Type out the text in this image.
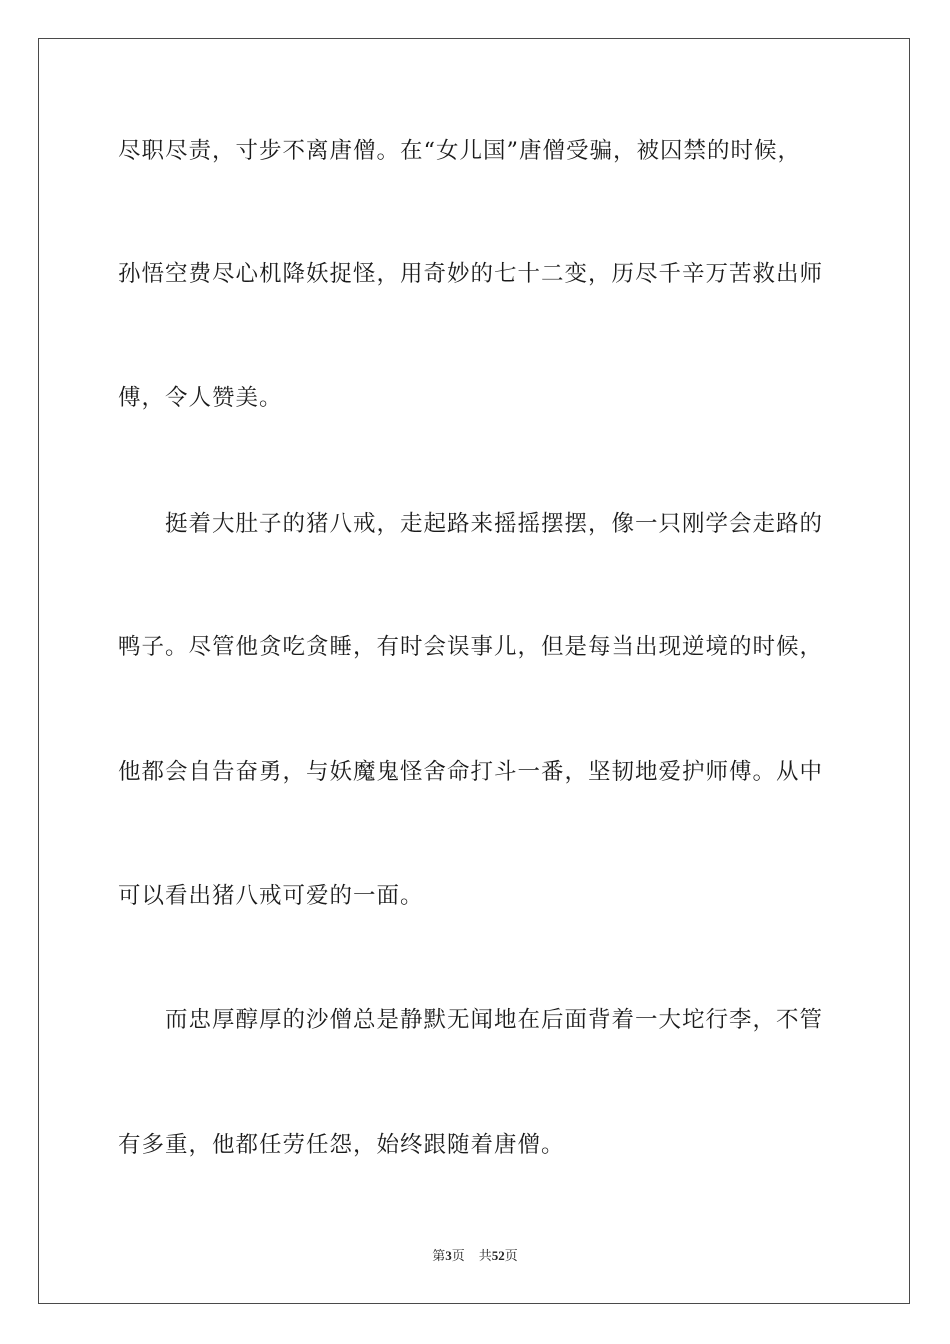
尽职尽责，寸步不离唐僧。在“女儿国”唐僧受骗，被囚禁的时候，
孙悟空费尽心机降妖捉怪，用奇妙的七十二变，历尽千辛万苦救出师
傅，令人赞美。
　　挺着大肚子的猪八戒，走起路来摇摇摆摆，像一只刚学会走路的
鸭子。尽管他贪吃贪睡，有时会误事儿，但是每当出现逆境的时候，
他都会自告奋勇，与妖魔鬼怪舍命打斗一番，坚韧地爱护师傅。从中
可以看出猪八戒可爱的一面。
　　而忠厚醇厚的沙僧总是静默无闻地在后面背着一大坨行李，不管
有多重，他都任劳任怨，始终跟随着唐僧。
第3页 共52页
